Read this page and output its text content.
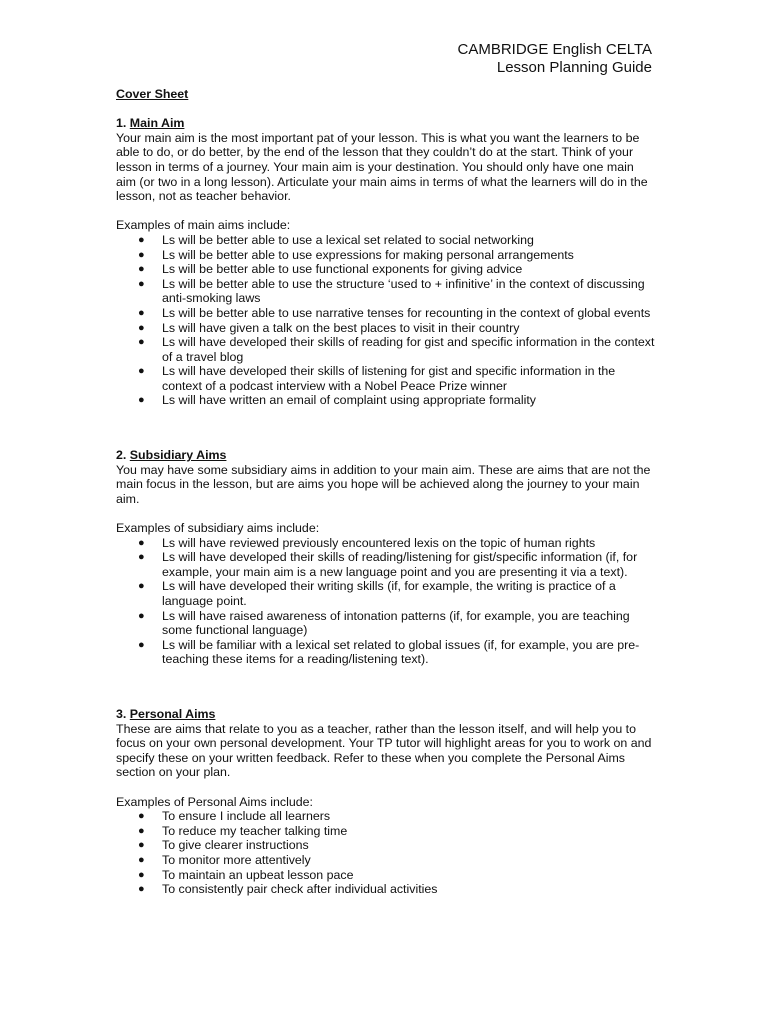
CAMBRIDGE English CELTA
Lesson Planning Guide

Cover Sheet

1. Main Aim

Your main aim is the most important pat of your lesson. This is what you want the learners to be able to do, or do better, by the end of the lesson that they couldn’t do at the start. Think of your lesson in terms of a journey. Your main aim is your destination. You should only have one main aim (or two in a long lesson). Articulate your main aims in terms of what the learners will do in the lesson, not as teacher behavior.

Examples of main aims include:

● Ls will be better able to use a lexical set related to social networking
● Ls will be better able to use expressions for making personal arrangements
● Ls will be better able to use functional exponents for giving advice
● Ls will be better able to use the structure ‘used to + infinitive’ in the context of discussing anti-smoking laws
● Ls will be better able to use narrative tenses for recounting in the context of global events
● Ls will have given a talk on the best places to visit in their country
● Ls will have developed their skills of reading for gist and specific information in the context of a travel blog
● Ls will have developed their skills of listening for gist and specific information in the context of a podcast interview with a Nobel Peace Prize winner
● Ls will have written an email of complaint using appropriate formality

2. Subsidiary Aims

You may have some subsidiary aims in addition to your main aim. These are aims that are not the main focus in the lesson, but are aims you hope will be achieved along the journey to your main aim.

Examples of subsidiary aims include:

● Ls will have reviewed previously encountered lexis on the topic of human rights
● Ls will have developed their skills of reading/listening for gist/specific information (if, for example, your main aim is a new language point and you are presenting it via a text).
● Ls will have developed their writing skills (if, for example, the writing is practice of a language point.
● Ls will have raised awareness of intonation patterns (if, for example, you are teaching some functional language)
● Ls will be familiar with a lexical set related to global issues (if, for example, you are pre-teaching these items for a reading/listening text).

3. Personal Aims

These are aims that relate to you as a teacher, rather than the lesson itself, and will help you to focus on your own personal development. Your TP tutor will highlight areas for you to work on and specify these on your written feedback. Refer to these when you complete the Personal Aims section on your plan.

Examples of Personal Aims include:

● To ensure I include all learners
● To reduce my teacher talking time
● To give clearer instructions
● To monitor more attentively
● To maintain an upbeat lesson pace
● To consistently pair check after individual activities
